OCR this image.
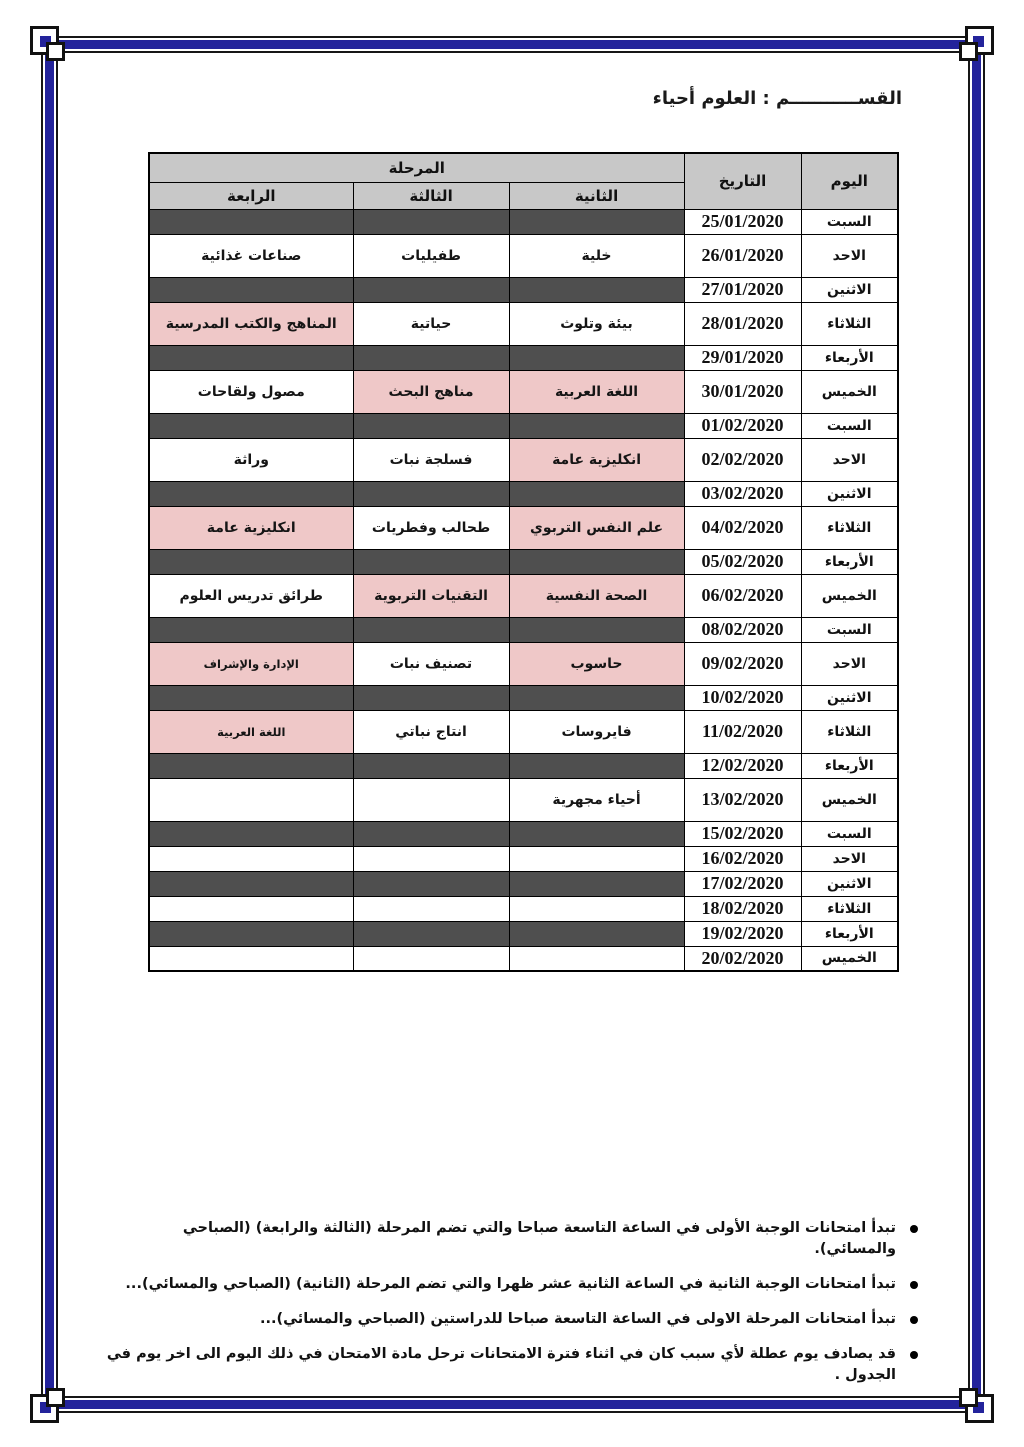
القســـــــــــم : العلوم أحياء
اليوم	التاريخ	المرحلة		
		الثانية	الثالثة	الرابعة
السبت	25/01/2020			
الاحد	26/01/2020	خلية	طفيليات	صناعات غذائية
الاثنين	27/01/2020			
الثلاثاء	28/01/2020	بيئة وتلوث	حياتية	المناهج والكتب المدرسية
الأربعاء	29/01/2020			
الخميس	30/01/2020	اللغة العربية	مناهج البحث	مصول ولقاحات
السبت	01/02/2020			
الاحد	02/02/2020	انكليزية عامة	فسلجة نبات	وراثة
الاثنين	03/02/2020			
الثلاثاء	04/02/2020	علم النفس التربوي	طحالب وفطريات	انكليزية عامة
الأربعاء	05/02/2020			
الخميس	06/02/2020	الصحة النفسية	التقنيات التربوية	طرائق تدريس العلوم
السبت	08/02/2020			
الاحد	09/02/2020	حاسوب	تصنيف نبات	الإدارة والإشراف
الاثنين	10/02/2020			
الثلاثاء	11/02/2020	فايروسات	انتاج نباتي	اللغة العربية
الأربعاء	12/02/2020			
الخميس	13/02/2020	أحياء مجهرية		
السبت	15/02/2020			
الاحد	16/02/2020			
الاثنين	17/02/2020			
الثلاثاء	18/02/2020			
الأربعاء	19/02/2020			
الخميس	20/02/2020			
تبدأ امتحانات الوجبة الأولى في الساعة التاسعة صباحا والتي تضم المرحلة (الثالثة والرابعة) (الصباحي والمسائي).
تبدأ امتحانات الوجبة الثانية في الساعة الثانية عشر ظهرا والتي تضم المرحلة (الثانية) (الصباحي والمسائي)...
تبدأ امتحانات المرحلة الاولى في الساعة التاسعة صباحا للدراستين (الصباحي والمسائي)...
قد يصادف يوم عطلة لأي سبب كان في اثناء فترة الامتحانات ترحل مادة الامتحان في ذلك اليوم الى اخر يوم في الجدول .
